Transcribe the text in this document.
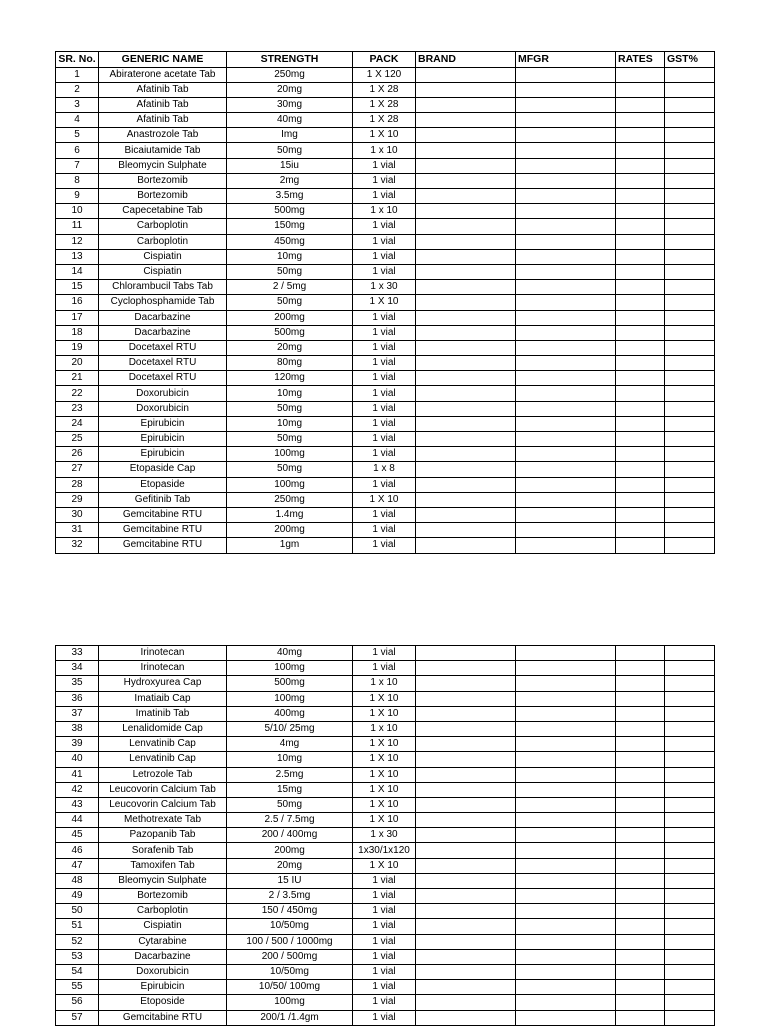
SR. No.	GENERIC NAME	STRENGTH	PACK	BRAND	MFGR	RATES	GST%
1	Abiraterone acetate Tab	250mg	1 X 120				
2	Afatinib Tab	20mg	1 X 28				
3	Afatinib Tab	30mg	1 X 28				
4	Afatinib Tab	40mg	1 X 28				
5	Anastrozole Tab	Img	1 X 10				
6	Bicaiutamide Tab	50mg	1 x 10				
7	Bleomycin Sulphate	15iu	1 vial				
8	Bortezomib	2mg	1 vial				
9	Bortezomib	3.5mg	1 vial				
10	Capecetabine Tab	500mg	1 x 10				
11	Carboplotin	150mg	1 vial				
12	Carboplotin	450mg	1 vial				
13	Cispiatin	10mg	1 vial				
14	Cispiatin	50mg	1 vial				
15	Chlorambucil Tabs Tab	2 / 5mg	1 x 30				
16	Cyclophosphamide Tab	50mg	1 X 10				
17	Dacarbazine	200mg	1 vial				
18	Dacarbazine	500mg	1 vial				
19	Docetaxel RTU	20mg	1 vial				
20	Docetaxel RTU	80mg	1 vial				
21	Docetaxel RTU	120mg	1 vial				
22	Doxorubicin	10mg	1 vial				
23	Doxorubicin	50mg	1 vial				
24	Epirubicin	10mg	1 vial				
25	Epirubicin	50mg	1 vial				
26	Epirubicin	100mg	1 vial				
27	Etopaside Cap	50mg	1 x 8				
28	Etopaside	100mg	1 vial				
29	Gefitinib Tab	250mg	1 X 10				
30	Gemcitabine RTU	1.4mg	1 vial				
31	Gemcitabine RTU	200mg	1 vial				
32	Gemcitabine RTU	1gm	1 vial				
33	Irinotecan	40mg	1 vial				
34	Irinotecan	100mg	1 vial				
35	Hydroxyurea Cap	500mg	1 x 10				
36	Imatiaib Cap	100mg	1 X 10				
37	Imatinib Tab	400mg	1 X 10				
38	Lenalidomide Cap	5/10/ 25mg	1 x 10				
39	Lenvatinib Cap	4mg	1 X 10				
40	Lenvatinib Cap	10mg	1 X 10				
41	Letrozole Tab	2.5mg	1 X 10				
42	Leucovorin Calcium Tab	15mg	1 X 10				
43	Leucovorin Calcium Tab	50mg	1 X 10				
44	Methotrexate Tab	2.5 / 7.5mg	1 X 10				
45	Pazopanib Tab	200 / 400mg	1 x 30				
46	Sorafenib Tab	200mg	1x30/1x120				
47	Tamoxifen Tab	20mg	1 X 10				
48	Bleomycin Sulphate	15 IU	1 vial				
49	Bortezomib	2 / 3.5mg	1 vial				
50	Carboplotin	150 / 450mg	1 vial				
51	Cispiatin	10/50mg	1 vial				
52	Cytarabine	100 / 500 / 1000mg	1 vial				
53	Dacarbazine	200 / 500mg	1 vial				
54	Doxorubicin	10/50mg	1 vial				
55	Epirubicin	10/50/ 100mg	1 vial				
56	Etoposide	100mg	1 vial				
57	Gemcitabine RTU	200/1 /1.4gm	1 vial				
